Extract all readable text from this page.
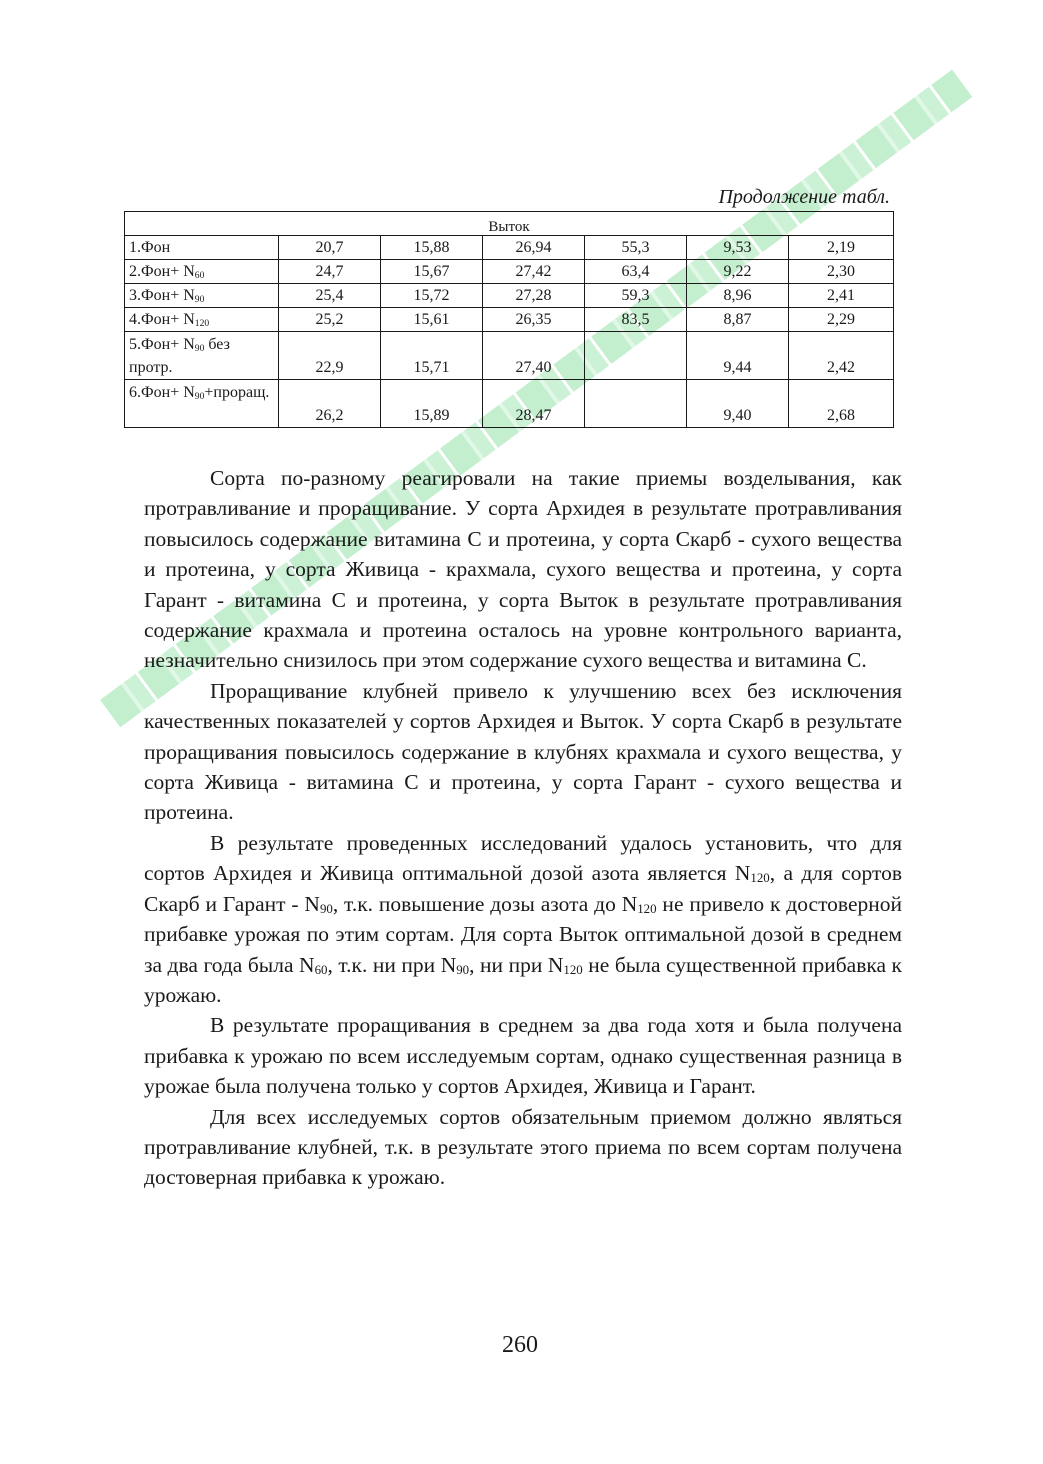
Продолжение табл.
Выток						
1.Фон	20,7	15,88	26,94	55,3	9,53	2,19
$2.Фон+ N_{60}$	24,7	15,67	27,42	63,4	9,22	2,30
$3.Фон+ N_{90}$	25,4	15,72	27,28	59,3	8,96	2,41
$4.Фон+ N_{120}$	25,2	15,61	26,35	83,5	8,87	2,29
$5.Фон+ N_{90}$ без протр.	22,9	15,71	27,40		9,44	2,42
$6.Фон+ N_{90}+проращ$.	26,2	15,89	28,47		9,40	2,68

Сорта по-разному реагировали на такие приемы возделывания, как протравливание и проращивание. У сорта Архидея в результате протравливания повысилось содержание витамина С и протеина, у сорта Скарб - сухого вещества и протеина, у сорта Живица - крахмала, сухого вещества и протеина, у сорта Гарант - витамина С и протеина, у сорта Выток в результате протравливания содержание крахмала и протеина осталось на уровне контрольного варианта, незначительно снизилось при этом содержание сухого вещества и витамина С.

Проращивание клубней привело к улучшению всех без исключения качественных показателей у сортов Архидея и Выток. У сорта Скарб в результате проращивания повысилось содержание в клубнях крахмала и сухого вещества, у сорта Живица - витамина С и протеина, у сорта Гарант - сухого вещества и протеина.

В результате проведенных исследований удалось установить, что для сортов Архидея и Живица оптимальной дозой азота является $N_{120}$, а для сортов Скарб и Гарант - $N_{90}$, т.к. повышение дозы азота до $N_{120}$ не привело к достоверной прибавке урожая по этим сортам. Для сорта Выток оптимальной дозой в среднем за два года была $N_{60}$, т.к. ни при $N_{90}$, ни при $N_{120}$ не была существенной прибавка к урожаю.

В результате проращивания в среднем за два года хотя и была получена прибавка к урожаю по всем исследуемым сортам, однако существенная разница в урожае была получена только у сортов Архидея, Живица и Гарант.

Для всех исследуемых сортов обязательным приемом должно являться протравливание клубней, т.к. в результате этого приема по всем сортам получена достоверная прибавка к урожаю.

260
